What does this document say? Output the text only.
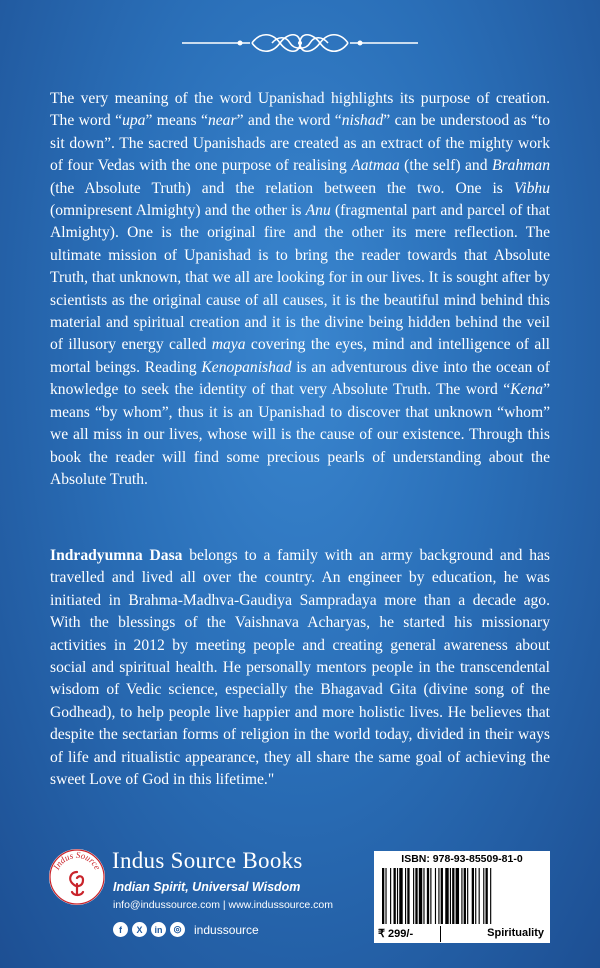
The very meaning of the word Upanishad highlights its purpose of creation. The word “upa” means “near” and the word “nishad” can be understood as “to sit down”. The sacred Upanishads are created as an extract of the mighty work of four Vedas with the one purpose of realising Aatmaa (the self) and Brahman (the Absolute Truth) and the relation between the two. One is Vibhu (omnipresent Almighty) and the other is Anu (fragmental part and parcel of that Almighty). One is the original fire and the other its mere reflection. The ultimate mission of Upanishad is to bring the reader towards that Absolute Truth, that unknown, that we all are looking for in our lives. It is sought after by scientists as the original cause of all causes, it is the beautiful mind behind this material and spiritual creation and it is the divine being hidden behind the veil of illusory energy called maya covering the eyes, mind and intelligence of all mortal beings. Reading Kenopanishad is an adventurous dive into the ocean of knowledge to seek the identity of that very Absolute Truth. The word “Kena” means “by whom”, thus it is an Upanishad to discover that unknown “whom” we all miss in our lives, whose will is the cause of our existence. Through this book the reader will find some precious pearls of understanding about the Absolute Truth.

Indradyumna Dasa belongs to a family with an army background and has travelled and lived all over the country. An engineer by education, he was initiated in Brahma-Madhva-Gaudiya Sampradaya more than a decade ago. With the blessings of the Vaishnava Acharyas, he started his missionary activities in 2012 by meeting people and creating general awareness about social and spiritual health. He personally mentors people in the transcendental wisdom of Vedic science, especially the Bhagavad Gita (divine song of the Godhead), to help people live happier and more holistic lives. He believes that despite the sectarian forms of religion in the world today, divided in their ways of life and ritualistic appearance, they all share the same goal of achieving the sweet Love of God in this lifetime."

Indus Source Indus Source Books
Indian Spirit, Universal Wisdom
info@indussource.com | www.indussource.com
f	X	in	◎ indussource
ISBN: 978-93-85509-81-0
₹ 299/-	Spirituality
